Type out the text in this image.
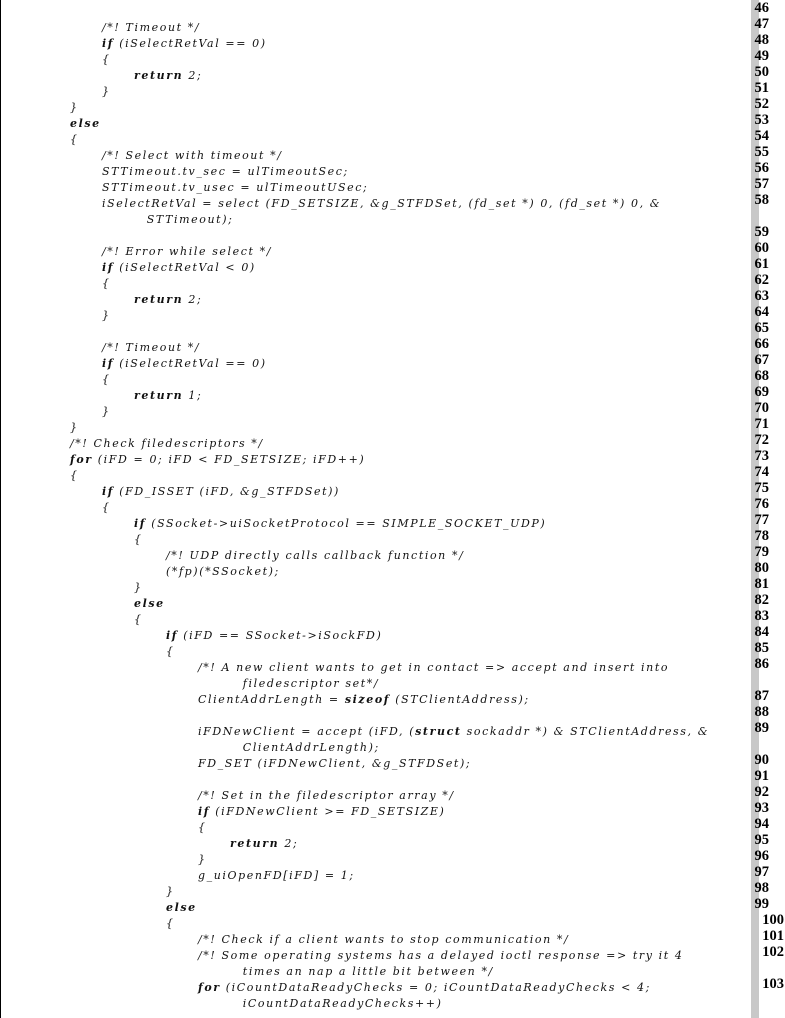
46
/*! Timeout */	47
if (iSelectRetVal == 0)	48
{	49
return 2;	50
}	51
}	52
else	53
{	54
/*! Select with timeout */	55
STTimeout.tv_sec = ulTimeoutSec;	56
STTimeout.tv_usec = ulTimeoutUSec;	57
iSelectRetVal = select (FD_SETSIZE, &g_STFDSet, (fd_set *) 0, (fd_set *) 0, &	58
STTimeout);
59
/*! Error while select */	60
if (iSelectRetVal < 0)	61
{	62
return 2;	63
}	64
65
/*! Timeout */	66
if (iSelectRetVal == 0)	67
{	68
return 1;	69
}	70
}	71
/*! Check filedescriptors */	72
for (iFD = 0; iFD < FD_SETSIZE; iFD++)	73
{	74
if (FD_ISSET (iFD, &g_STFDSet))	75
{	76
if (SSocket->uiSocketProtocol == SIMPLE_SOCKET_UDP)	77
{	78
/*! UDP directly calls callback function */	79
(*fp)(*SSocket);	80
}	81
else	82
{	83
if (iFD == SSocket->iSockFD)	84
{	85
/*! A new client wants to get in contact => accept and insert into	86
filedescriptor set*/
ClientAddrLength = sizeof (STClientAddress);	87
88
iFDNewClient = accept (iFD, (struct sockaddr *) & STClientAddress, &	89
ClientAddrLength);
FD_SET (iFDNewClient, &g_STFDSet);	90
91
/*! Set in the filedescriptor array */	92
if (iFDNewClient >= FD_SETSIZE)	93
{	94
return 2;	95
}	96
g_uiOpenFD[iFD] = 1;	97
}	98
else	99
{	100
/*! Check if a client wants to stop communication */	101
/*! Some operating systems has a delayed ioctl response => try it 4	102
times an nap a little bit between */
for (iCountDataReadyChecks = 0; iCountDataReadyChecks < 4;	103
iCountDataReadyChecks++)
